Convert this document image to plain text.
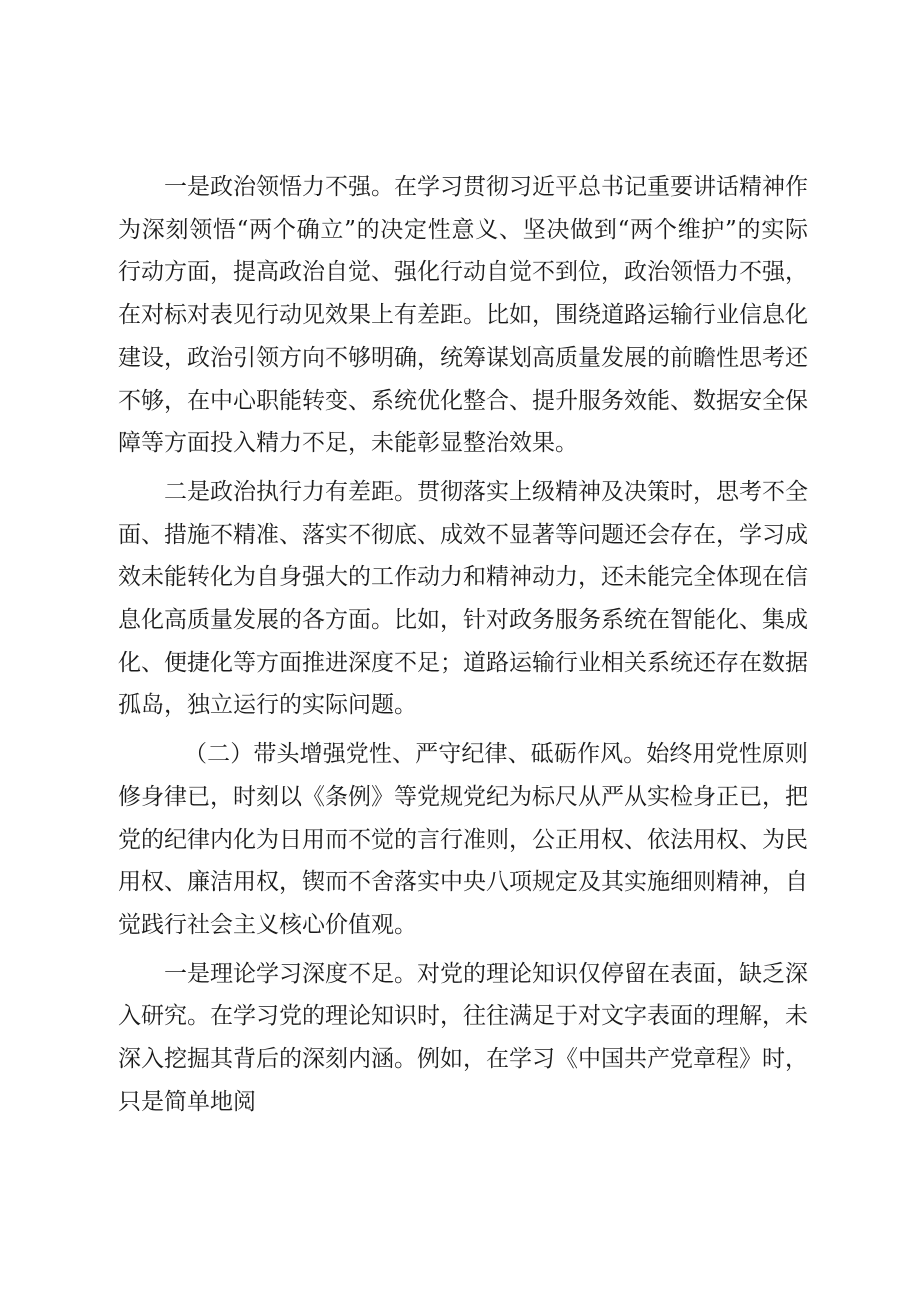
一是政治领悟力不强。在学习贯彻习近平总书记重要讲话精神作为深刻领悟“两个确立”的决定性意义、坚决做到“两个维护”的实际行动方面，提高政治自觉、强化行动自觉不到位，政治领悟力不强，在对标对表见行动见效果上有差距。比如，围绕道路运输行业信息化建设，政治引领方向不够明确，统筹谋划高质量发展的前瞻性思考还不够，在中心职能转变、系统优化整合、提升服务效能、数据安全保障等方面投入精力不足，未能彰显整治效果。

二是政治执行力有差距。贯彻落实上级精神及决策时，思考不全面、措施不精准、落实不彻底、成效不显著等问题还会存在，学习成效未能转化为自身强大的工作动力和精神动力，还未能完全体现在信息化高质量发展的各方面。比如，针对政务服务系统在智能化、集成化、便捷化等方面推进深度不足；道路运输行业相关系统还存在数据孤岛，独立运行的实际问题。

（二）带头增强党性、严守纪律、砥砺作风。始终用党性原则修身律已，时刻以《条例》等党规党纪为标尺从严从实检身正已，把党的纪律内化为日用而不觉的言行准则，公正用权、依法用权、为民用权、廉洁用权，锲而不舍落实中央八项规定及其实施细则精神，自觉践行社会主义核心价值观。

一是理论学习深度不足。对党的理论知识仅停留在表面，缺乏深入研究。在学习党的理论知识时，往往满足于对文字表面的理解，未深入挖掘其背后的深刻内涵。例如，在学习《中国共产党章程》时，只是简单地阅
